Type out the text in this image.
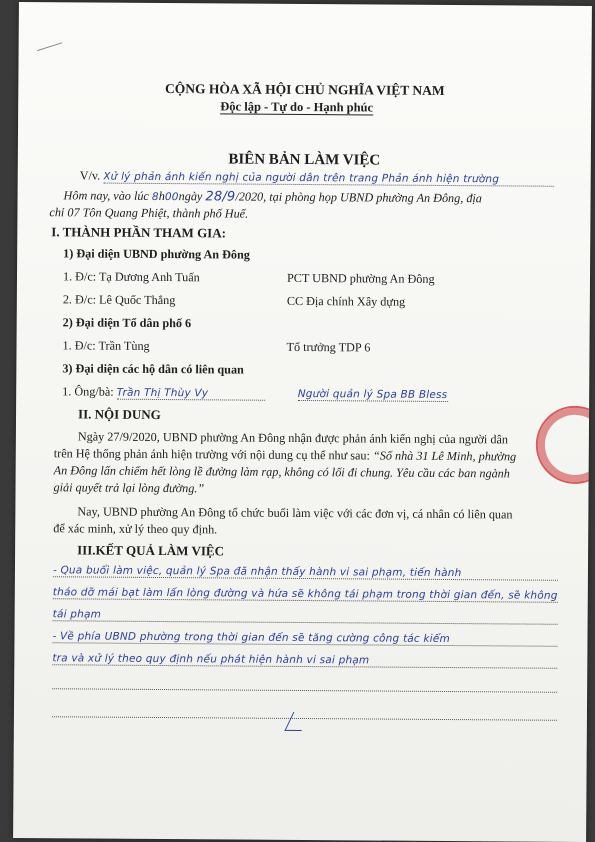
CỘNG HÒA XÃ HỘI CHỦ NGHĨA VIỆT NAM
Độc lập - Tự do - Hạnh phúc
BIÊN BẢN LÀM VIỆC
V/v. Xử lý phản ánh kiến nghị của người dân trên trang Phản ánh hiện trường
Hôm nay, vào lúc 8h00ngày 28/9/2020, tại phòng họp UBND phường An Đông, địa
chỉ 07 Tôn Quang Phiệt, thành phố Huế.
I. THÀNH PHẦN THAM GIA:
1) Đại diện UBND phường An Đông
1. Đ/c: Tạ Dương Anh Tuấn	PCT UBND phường An Đông
2. Đ/c: Lê Quốc Thắng	CC Địa chính Xây dựng
2) Đại diện Tổ dân phố 6
1. Đ/c: Trần Tùng	Tổ trưởng TDP 6
3) Đại diện các hộ dân có liên quan
1. Ông/bà: Trần Thị Thùy Vy	Người quản lý Spa BB Bless
II. NỘI DUNG
Ngày 27/9/2020, UBND phường An Đông nhận được phản ánh kiến nghị của người dân
trên Hệ thống phản ánh hiện trường với nội dung cụ thể như sau: “Số nhà 31 Lê Minh, phường
An Đông lấn chiếm hết lòng lề đường làm rạp, không có lối đi chung. Yêu cầu các ban ngành
giải quyết trả lại lòng đường.”
Nay, UBND phường An Đông tổ chức buổi làm việc với các đơn vị, cá nhân có liên quan
để xác minh, xử lý theo quy định.
III.KẾT QUẢ LÀM VIỆC
- Qua buổi làm việc, quản lý Spa đã nhận thấy hành vi sai phạm, tiến hành
tháo dỡ mái bạt làm lấn lòng đường và hứa sẽ không tái phạm trong thời gian đến, sẽ không
tái phạm
- Về phía UBND phường trong thời gian đến sẽ tăng cường công tác kiểm
tra và xử lý theo quy định nếu phát hiện hành vi sai phạm
